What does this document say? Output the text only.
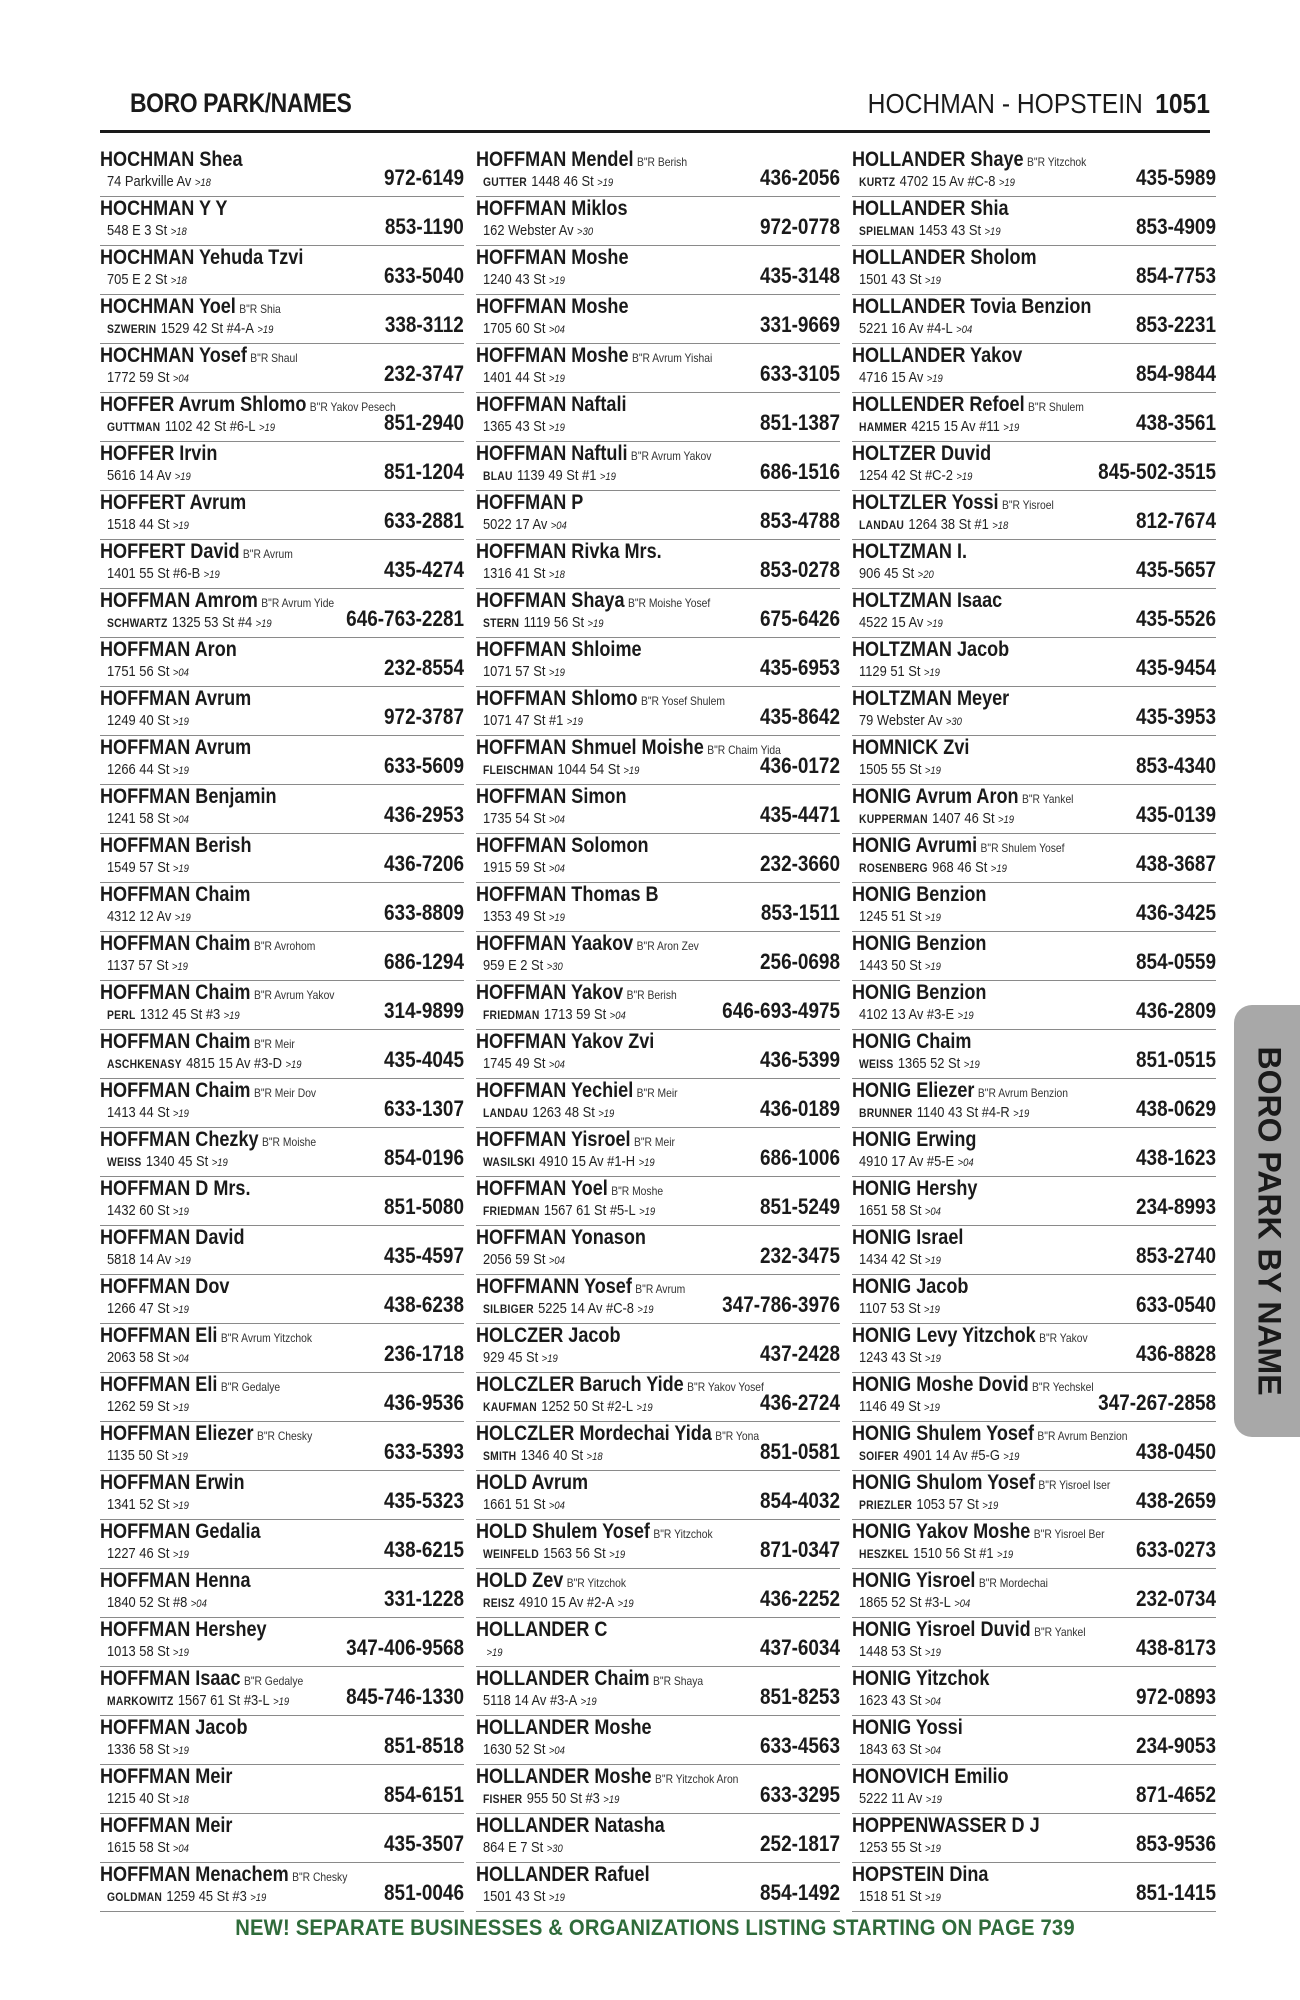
BORO PARK/NAMES	HOCHMAN - HOPSTEIN 1051
HOCHMAN Shea
74 Parkville Av >18	972-6149
HOCHMAN Y Y
548 E 3 St >18	853-1190
HOCHMAN Yehuda Tzvi
705 E 2 St >18	633-5040
HOCHMAN Yoel B"R Shia
SZWERIN 1529 42 St #4-A >19	338-3112
HOCHMAN Yosef B"R Shaul
1772 59 St >04	232-3747
HOFFER Avrum Shlomo B"R Yakov Pesech
GUTTMAN 1102 42 St #6-L >19	851-2940
HOFFER Irvin
5616 14 Av >19	851-1204
HOFFERT Avrum
1518 44 St >19	633-2881
HOFFERT David B"R Avrum
1401 55 St #6-B >19	435-4274
HOFFMAN Amrom B"R Avrum Yide
SCHWARTZ 1325 53 St #4 >19	646-763-2281
HOFFMAN Aron
1751 56 St >04	232-8554
HOFFMAN Avrum
1249 40 St >19	972-3787
HOFFMAN Avrum
1266 44 St >19	633-5609
HOFFMAN Benjamin
1241 58 St >04	436-2953
HOFFMAN Berish
1549 57 St >19	436-7206
HOFFMAN Chaim
4312 12 Av >19	633-8809
HOFFMAN Chaim B"R Avrohom
1137 57 St >19	686-1294
HOFFMAN Chaim B"R Avrum Yakov
PERL 1312 45 St #3 >19	314-9899
HOFFMAN Chaim B"R Meir
ASCHKENASY 4815 15 Av #3-D >19	435-4045
HOFFMAN Chaim B"R Meir Dov
1413 44 St >19	633-1307
HOFFMAN Chezky B"R Moishe
WEISS 1340 45 St >19	854-0196
HOFFMAN D Mrs.
1432 60 St >19	851-5080
HOFFMAN David
5818 14 Av >19	435-4597
HOFFMAN Dov
1266 47 St >19	438-6238
HOFFMAN Eli B"R Avrum Yitzchok
2063 58 St >04	236-1718
HOFFMAN Eli B"R Gedalye
1262 59 St >19	436-9536
HOFFMAN Eliezer B"R Chesky
1135 50 St >19	633-5393
HOFFMAN Erwin
1341 52 St >19	435-5323
HOFFMAN Gedalia
1227 46 St >19	438-6215
HOFFMAN Henna
1840 52 St #8 >04	331-1228
HOFFMAN Hershey
1013 58 St >19	347-406-9568
HOFFMAN Isaac B"R Gedalye
MARKOWITZ 1567 61 St #3-L >19	845-746-1330
HOFFMAN Jacob
1336 58 St >19	851-8518
HOFFMAN Meir
1215 40 St >18	854-6151
HOFFMAN Meir
1615 58 St >04	435-3507
HOFFMAN Menachem B"R Chesky
GOLDMAN 1259 45 St #3 >19	851-0046
HOFFMAN Mendel B"R Berish
GUTTER 1448 46 St >19	436-2056
HOFFMAN Miklos
162 Webster Av >30	972-0778
HOFFMAN Moshe
1240 43 St >19	435-3148
HOFFMAN Moshe
1705 60 St >04	331-9669
HOFFMAN Moshe B"R Avrum Yishai
1401 44 St >19	633-3105
HOFFMAN Naftali
1365 43 St >19	851-1387
HOFFMAN Naftuli B"R Avrum Yakov
BLAU 1139 49 St #1 >19	686-1516
HOFFMAN P
5022 17 Av >04	853-4788
HOFFMAN Rivka Mrs.
1316 41 St >18	853-0278
HOFFMAN Shaya B"R Moishe Yosef
STERN 1119 56 St >19	675-6426
HOFFMAN Shloime
1071 57 St >19	435-6953
HOFFMAN Shlomo B"R Yosef Shulem
1071 47 St #1 >19	435-8642
HOFFMAN Shmuel Moishe B"R Chaim Yida
FLEISCHMAN 1044 54 St >19	436-0172
HOFFMAN Simon
1735 54 St >04	435-4471
HOFFMAN Solomon
1915 59 St >04	232-3660
HOFFMAN Thomas B
1353 49 St >19	853-1511
HOFFMAN Yaakov B"R Aron Zev
959 E 2 St >30	256-0698
HOFFMAN Yakov B"R Berish
FRIEDMAN 1713 59 St >04	646-693-4975
HOFFMAN Yakov Zvi
1745 49 St >04	436-5399
HOFFMAN Yechiel B"R Meir
LANDAU 1263 48 St >19	436-0189
HOFFMAN Yisroel B"R Meir
WASILSKI 4910 15 Av #1-H >19	686-1006
HOFFMAN Yoel B"R Moshe
FRIEDMAN 1567 61 St #5-L >19	851-5249
HOFFMAN Yonason
2056 59 St >04	232-3475
HOFFMANN Yosef B"R Avrum
SILBIGER 5225 14 Av #C-8 >19	347-786-3976
HOLCZER Jacob
929 45 St >19	437-2428
HOLCZLER Baruch Yide B"R Yakov Yosef
KAUFMAN 1252 50 St #2-L >19	436-2724
HOLCZLER Mordechai Yida B"R Yona
SMITH 1346 40 St >18	851-0581
HOLD Avrum
1661 51 St >04	854-4032
HOLD Shulem Yosef B"R Yitzchok
WEINFELD 1563 56 St >19	871-0347
HOLD Zev B"R Yitzchok
REISZ 4910 15 Av #2-A >19	436-2252
HOLLANDER C
>19	437-6034
HOLLANDER Chaim B"R Shaya
5118 14 Av #3-A >19	851-8253
HOLLANDER Moshe
1630 52 St >04	633-4563
HOLLANDER Moshe B"R Yitzchok Aron
FISHER 955 50 St #3 >19	633-3295
HOLLANDER Natasha
864 E 7 St >30	252-1817
HOLLANDER Rafuel
1501 43 St >19	854-1492
HOLLANDER Shaye B"R Yitzchok
KURTZ 4702 15 Av #C-8 >19	435-5989
HOLLANDER Shia
SPIELMAN 1453 43 St >19	853-4909
HOLLANDER Sholom
1501 43 St >19	854-7753
HOLLANDER Tovia Benzion
5221 16 Av #4-L >04	853-2231
HOLLANDER Yakov
4716 15 Av >19	854-9844
HOLLENDER Refoel B"R Shulem
HAMMER 4215 15 Av #11 >19	438-3561
HOLTZER Duvid
1254 42 St #C-2 >19	845-502-3515
HOLTZLER Yossi B"R Yisroel
LANDAU 1264 38 St #1 >18	812-7674
HOLTZMAN I.
906 45 St >20	435-5657
HOLTZMAN Isaac
4522 15 Av >19	435-5526
HOLTZMAN Jacob
1129 51 St >19	435-9454
HOLTZMAN Meyer
79 Webster Av >30	435-3953
HOMNICK Zvi
1505 55 St >19	853-4340
HONIG Avrum Aron B"R Yankel
KUPPERMAN 1407 46 St >19	435-0139
HONIG Avrumi B"R Shulem Yosef
ROSENBERG 968 46 St >19	438-3687
HONIG Benzion
1245 51 St >19	436-3425
HONIG Benzion
1443 50 St >19	854-0559
HONIG Benzion
4102 13 Av #3-E >19	436-2809
HONIG Chaim
WEISS 1365 52 St >19	851-0515
HONIG Eliezer B"R Avrum Benzion
BRUNNER 1140 43 St #4-R >19	438-0629
HONIG Erwing
4910 17 Av #5-E >04	438-1623
HONIG Hershy
1651 58 St >04	234-8993
HONIG Israel
1434 42 St >19	853-2740
HONIG Jacob
1107 53 St >19	633-0540
HONIG Levy Yitzchok B"R Yakov
1243 43 St >19	436-8828
HONIG Moshe Dovid B"R Yechskel
1146 49 St >19	347-267-2858
HONIG Shulem Yosef B"R Avrum Benzion
SOIFER 4901 14 Av #5-G >19	438-0450
HONIG Shulom Yosef B"R Yisroel Iser
PRIEZLER 1053 57 St >19	438-2659
HONIG Yakov Moshe B"R Yisroel Ber
HESZKEL 1510 56 St #1 >19	633-0273
HONIG Yisroel B"R Mordechai
1865 52 St #3-L >04	232-0734
HONIG Yisroel Duvid B"R Yankel
1448 53 St >19	438-8173
HONIG Yitzchok
1623 43 St >04	972-0893
HONIG Yossi
1843 63 St >04	234-9053
HONOVICH Emilio
5222 11 Av >19	871-4652
HOPPENWASSER D J
1253 55 St >19	853-9536
HOPSTEIN Dina
1518 51 St >19	851-1415
BORO PARK BY NAME
NEW! SEPARATE BUSINESSES & ORGANIZATIONS LISTING STARTING ON PAGE 739
